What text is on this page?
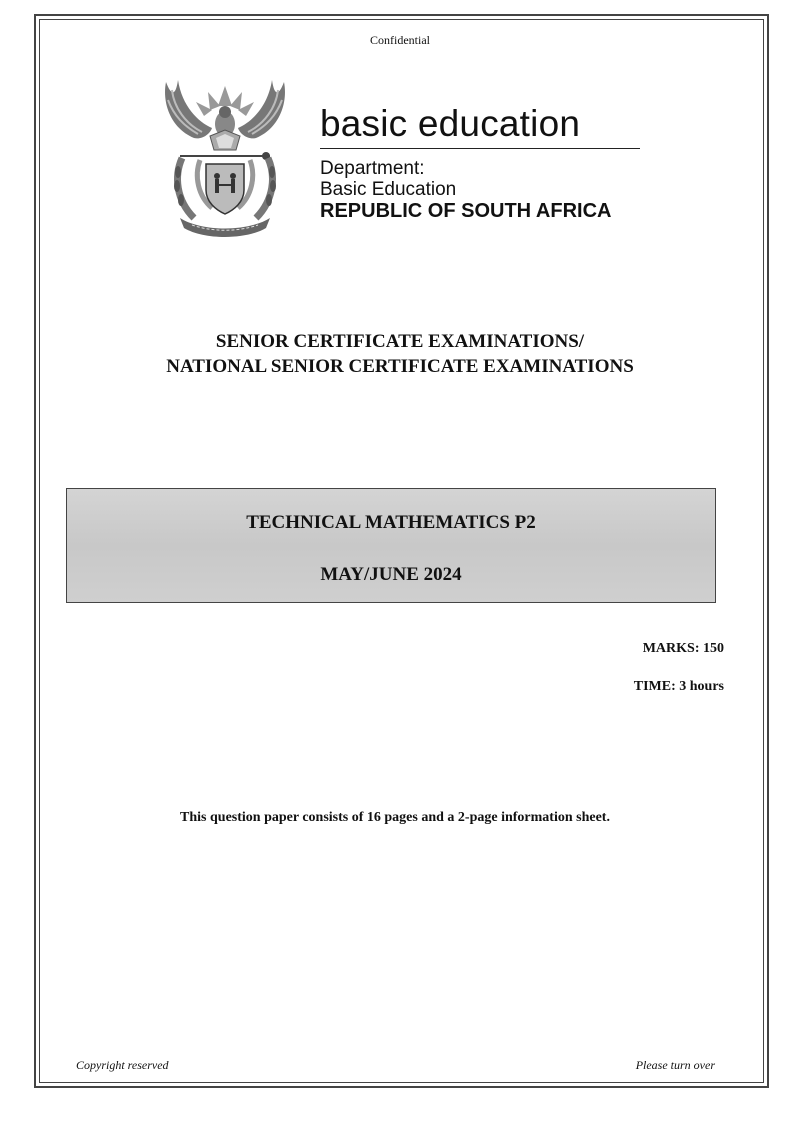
Confidential
basic education
Department:
Basic Education
REPUBLIC OF SOUTH AFRICA
SENIOR CERTIFICATE EXAMINATIONS/
NATIONAL SENIOR CERTIFICATE EXAMINATIONS
TECHNICAL MATHEMATICS P2
MAY/JUNE 2024
MARKS: 150
TIME: 3 hours
This question paper consists of 16 pages and a 2-page information sheet.
Copyright reserved	Please turn over
